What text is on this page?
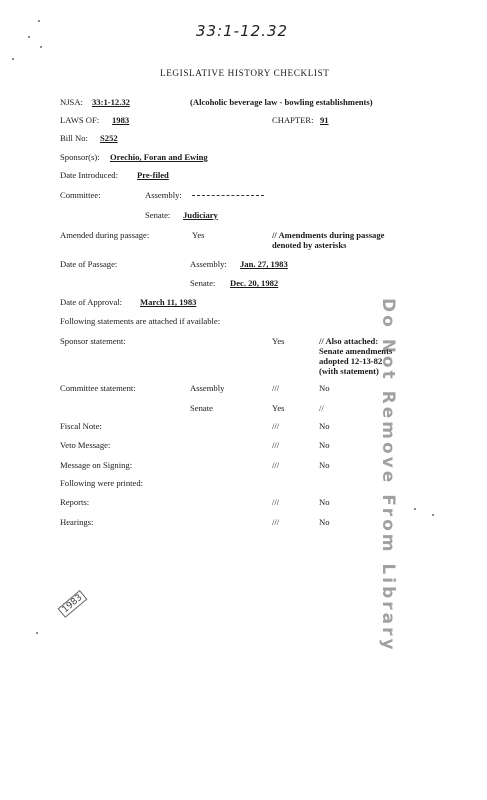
33:1-12.32
LEGISLATIVE HISTORY CHECKLIST
NJSA: 33:1-12.32	(Alcoholic beverage law - bowling establishments)
LAWS OF: 1983	CHAPTER: 91
Bill No: S252
Sponsor(s): Orechio, Foran and Ewing
Date Introduced: Pre-filed
Committee:	Assembly:
Senate: Judiciary
Amended during passage:	Yes	// Amendments during passage
denoted by asterisks
Date of Passage:	Assembly: Jan. 27, 1983
Senate: Dec. 20, 1982
Date of Approval: March 11, 1983
Following statements are attached if available:
Sponsor statement:	Yes	// Also attached:
Senate amendments
adopted 12-13-82
(with statement)
Committee statement:	Assembly	///	No
Senate	Yes	//
Fiscal Note:	///	No
Veto Message:	///	No
Message on Signing:	///	No
Following were printed:
Reports:	///	No
Hearings:	///	No	Do Not Remove From Library
1983
